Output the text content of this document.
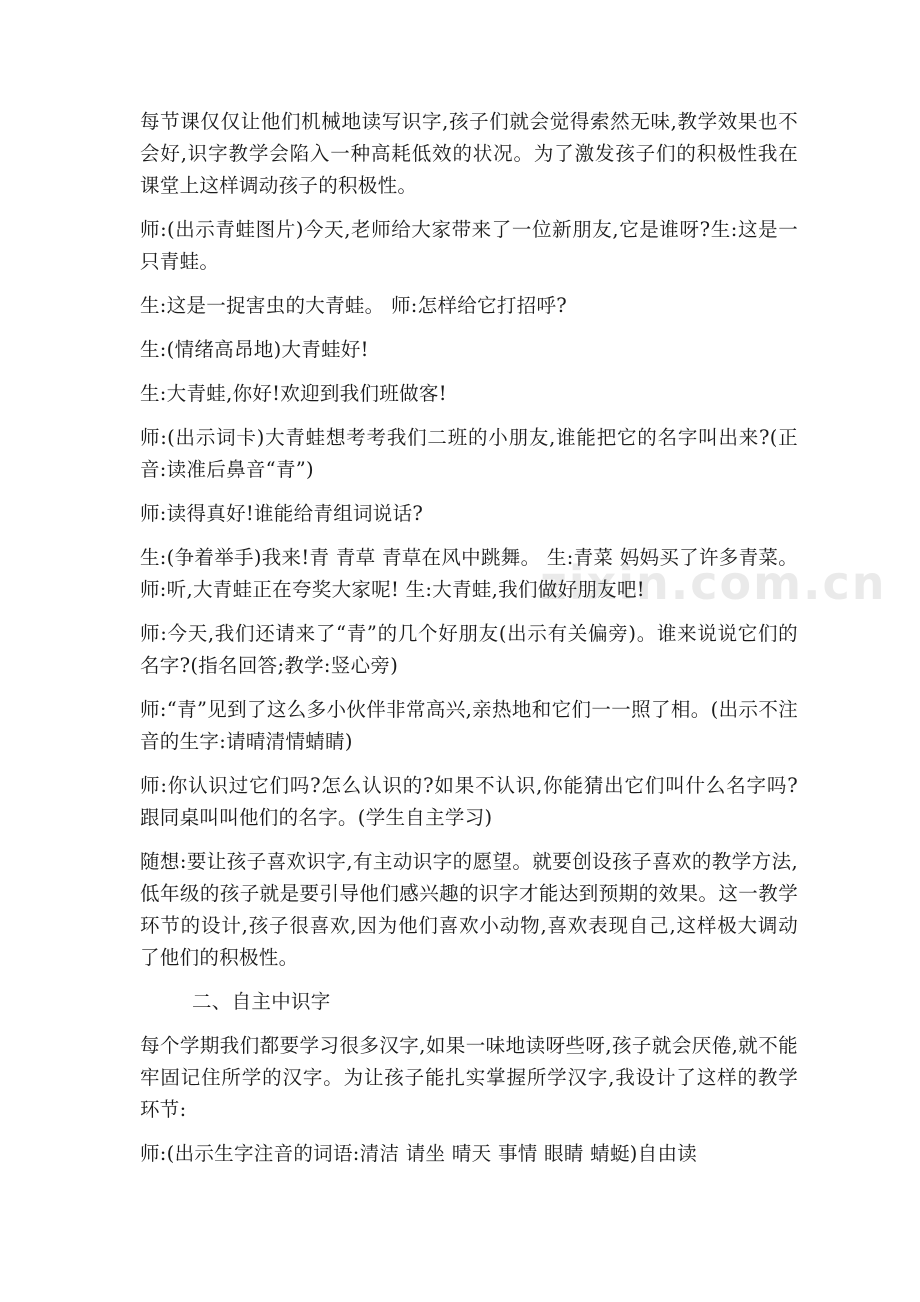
zixin.com.cn

每节课仅仅让他们机械地读写识字,孩子们就会觉得索然无味,教学效果也不会好,识字教学会陷入一种高耗低效的状况。为了激发孩子们的积极性我在课堂上这样调动孩子的积极性。

师:(出示青蛙图片)今天,老师给大家带来了一位新朋友,它是谁呀?生:这是一只青蛙。

生:这是一捉害虫的大青蛙。 师:怎样给它打招呼?

生:(情绪高昂地)大青蛙好!

生:大青蛙,你好!欢迎到我们班做客!

师:(出示词卡)大青蛙想考考我们二班的小朋友,谁能把它的名字叫出来?(正音:读准后鼻音“青”)

师:读得真好!谁能给青组词说话?

生:(争着举手)我来!青 青草 青草在风中跳舞。 生:青菜 妈妈买了许多青菜。 师:听,大青蛙正在夸奖大家呢! 生:大青蛙,我们做好朋友吧!

师:今天,我们还请来了“青”的几个好朋友(出示有关偏旁)。谁来说说它们的名字?(指名回答;教学:竖心旁)

师:“青”见到了这么多小伙伴非常高兴,亲热地和它们一一照了相。(出示不注音的生字:请晴清情蜻睛)

师:你认识过它们吗?怎么认识的?如果不认识,你能猜出它们叫什么名字吗?跟同桌叫叫他们的名字。(学生自主学习)

随想:要让孩子喜欢识字,有主动识字的愿望。就要创设孩子喜欢的教学方法,低年级的孩子就是要引导他们感兴趣的识字才能达到预期的效果。这一教学环节的设计,孩子很喜欢,因为他们喜欢小动物,喜欢表现自己,这样极大调动了他们的积极性。

二、自主中识字

每个学期我们都要学习很多汉字,如果一味地读呀些呀,孩子就会厌倦,就不能牢固记住所学的汉字。为让孩子能扎实掌握所学汉字,我设计了这样的教学环节:

师:(出示生字注音的词语:清洁 请坐 晴天 事情 眼睛 蜻蜓)自由读
